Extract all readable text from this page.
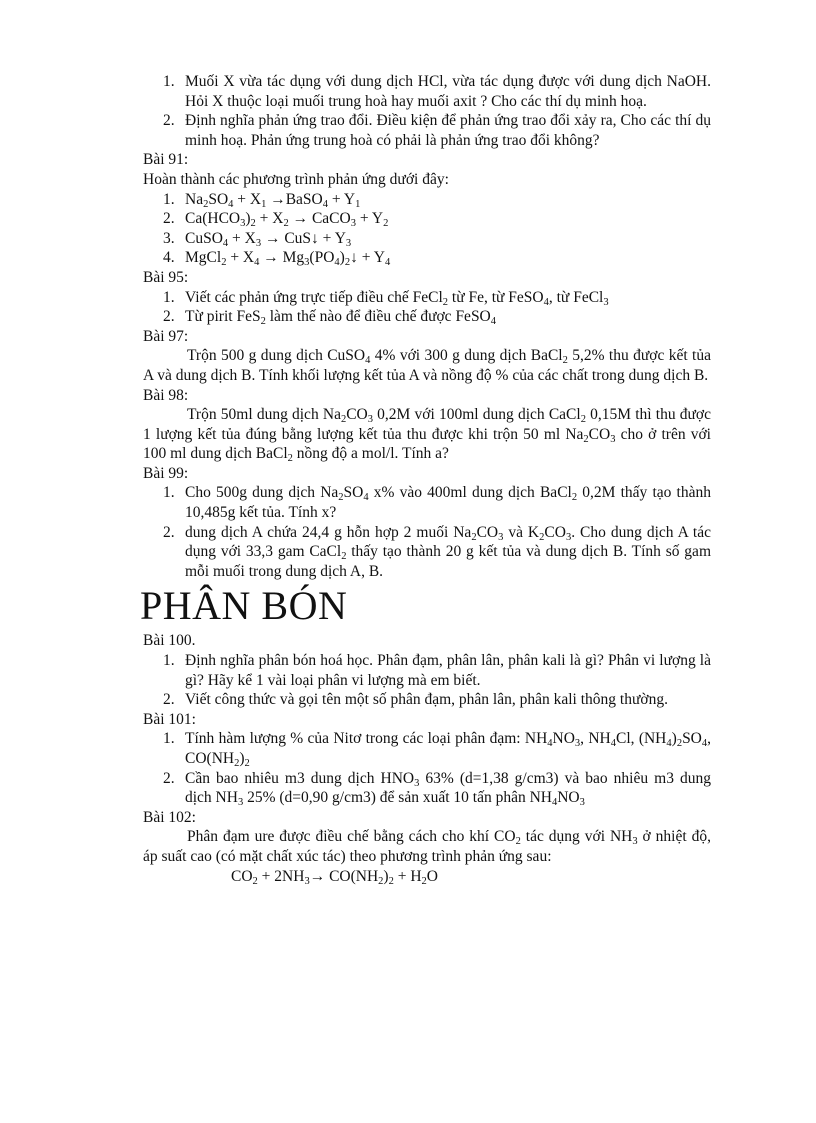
1. Muối X vừa tác dụng với dung dịch HCl, vừa tác dụng được với dung dịch NaOH. Hỏi X thuộc loại muối trung hoà hay muối axit ? Cho các thí dụ minh hoạ.
2. Định nghĩa phản ứng trao đổi. Điều kiện để phản ứng trao đổi xảy ra, Cho các thí dụ minh hoạ. Phản ứng trung hoà có phải là phản ứng trao đổi không?

Bài 91:

Hoàn thành các phương trình phản ứng dưới đây:

1. $Na_2SO_4 + X_1$ →BaSO$_4$ + $Y_1$
2. $Ca(HCO_3)_2 + X_2$ → CaCO$_3$ + $Y_2$
3. CuSO$_4$ + $X_3$ → CuS↓ + $Y_3$
4. MgCl$_2$ + $X_4$ → $Mg_3(PO_4)_2↓ + Y_4$

Bài 95:

1. Viết các phản ứng trực tiếp điều chế FeCl$_2$ từ Fe, từ FeSO$_4$, từ FeCl$_3$
2. Từ pirit FeS$_2$ làm thế nào để điều chế được FeSO$_4$

Bài 97:

Trộn 500 g dung dịch CuSO$_4$ 4% với 300 g dung dịch BaCl$_2$ 5,2% thu được kết tủa A và dung dịch B. Tính khối lượng kết tủa A và nồng độ % của các chất trong dung dịch B.

Bài 98:

Trộn 50ml dung dịch $Na_2CO_3$ 0,2M với 100ml dung dịch CaCl$_2$ 0,15M thì thu được 1 lượng kết tủa đúng bằng lượng kết tủa thu được khi trộn 50 ml $Na_2CO_3$ cho ở trên với 100 ml dung dịch BaCl$_2$ nồng độ a mol/l. Tính a?

Bài 99:

1. Cho 500g dung dịch $Na_2SO_4$ x% vào 400ml dung dịch BaCl$_2$ 0,2M thấy tạo thành 10,485g kết tủa. Tính x?
2. dung dịch A chứa 24,4 g hỗn hợp 2 muối $Na_2CO_3$ và $K_2CO_3$. Cho dung dịch A tác dụng với 33,3 gam CaCl$_2$ thấy tạo thành 20 g kết tủa và dung dịch B. Tính số gam mỗi muối trong dung dịch A, B.
PHÂN BÓN

Bài 100.

1. Định nghĩa phân bón hoá học. Phân đạm, phân lân, phân kali là gì? Phân vi lượng là gì? Hãy kể 1 vài loại phân vi lượng mà em biết.
2. Viết công thức và gọi tên một số phân đạm, phân lân, phân kali thông thường.

Bài 101:

1. Tính hàm lượng % của Nitơ trong các loại phân đạm: $NH_4NO_3$, $NH_4Cl$, $(NH_4)_2SO_4$, $CO(NH_2)_2$
2. Cần bao nhiêu m3 dung dịch $HNO_3$ 63% (d=1,38 g/cm3) và bao nhiêu m3 dung dịch $NH_3$ 25% (d=0,90 g/cm3) để sản xuất 10 tấn phân $NH_4NO_3$

Bài 102:

Phân đạm ure được điều chế bằng cách cho khí $CO_2$ tác dụng với $NH_3$ ở nhiệt độ, áp suất cao (có mặt chất xúc tác) theo phương trình phản ứng sau:

$CO_2 + 2NH_3\to CO(NH_2)_2 + H_2O$
